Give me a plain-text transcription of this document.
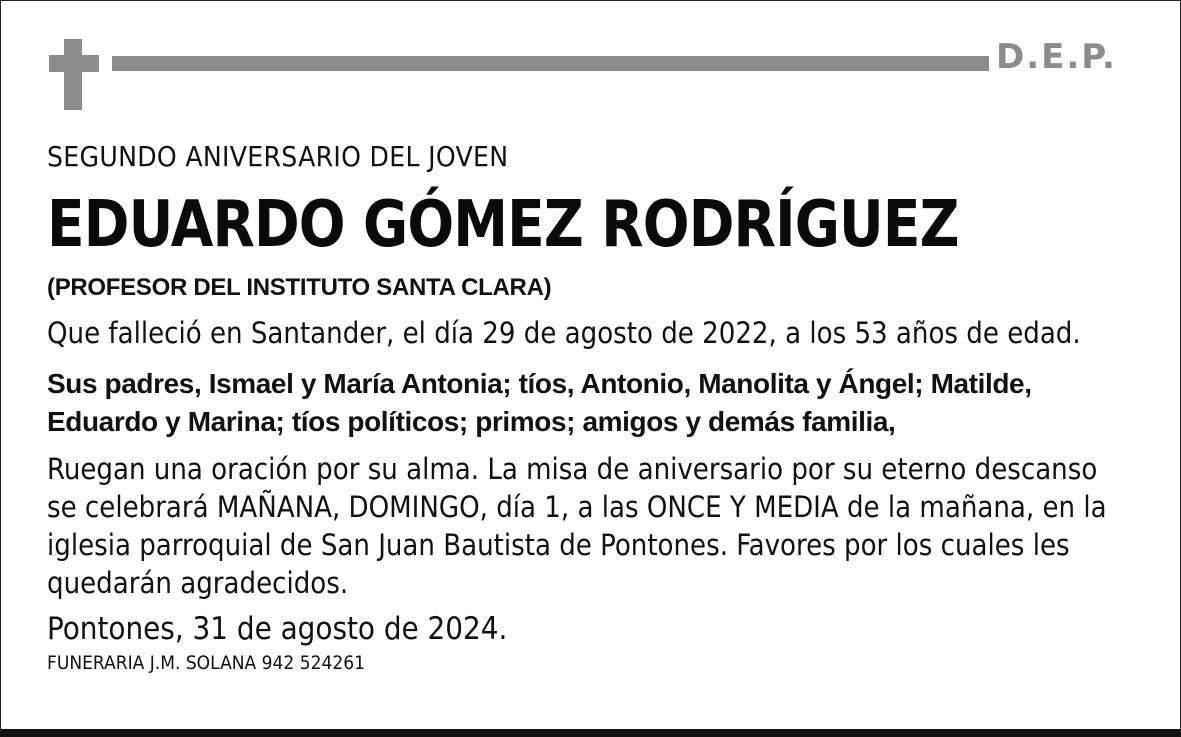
D.E.P.

SEGUNDO ANIVERSARIO DEL JOVEN

EDUARDO GÓMEZ RODRÍGUEZ

(PROFESOR DEL INSTITUTO SANTA CLARA)

Que falleció en Santander, el día 29 de agosto de 2022, a los 53 años de edad.

Sus padres, Ismael y María Antonia; tíos, Antonio, Manolita y Ángel; Matilde, Eduardo y Marina; tíos políticos; primos; amigos y demás familia,

Ruegan una oración por su alma. La misa de aniversario por su eterno descanso se celebrará MAÑANA, DOMINGO, día 1, a las ONCE Y MEDIA de la mañana, en la iglesia parroquial de San Juan Bautista de Pontones. Favores por los cuales les quedarán agradecidos.

Pontones, 31 de agosto de 2024.

FUNERARIA J.M. SOLANA 942 524261
